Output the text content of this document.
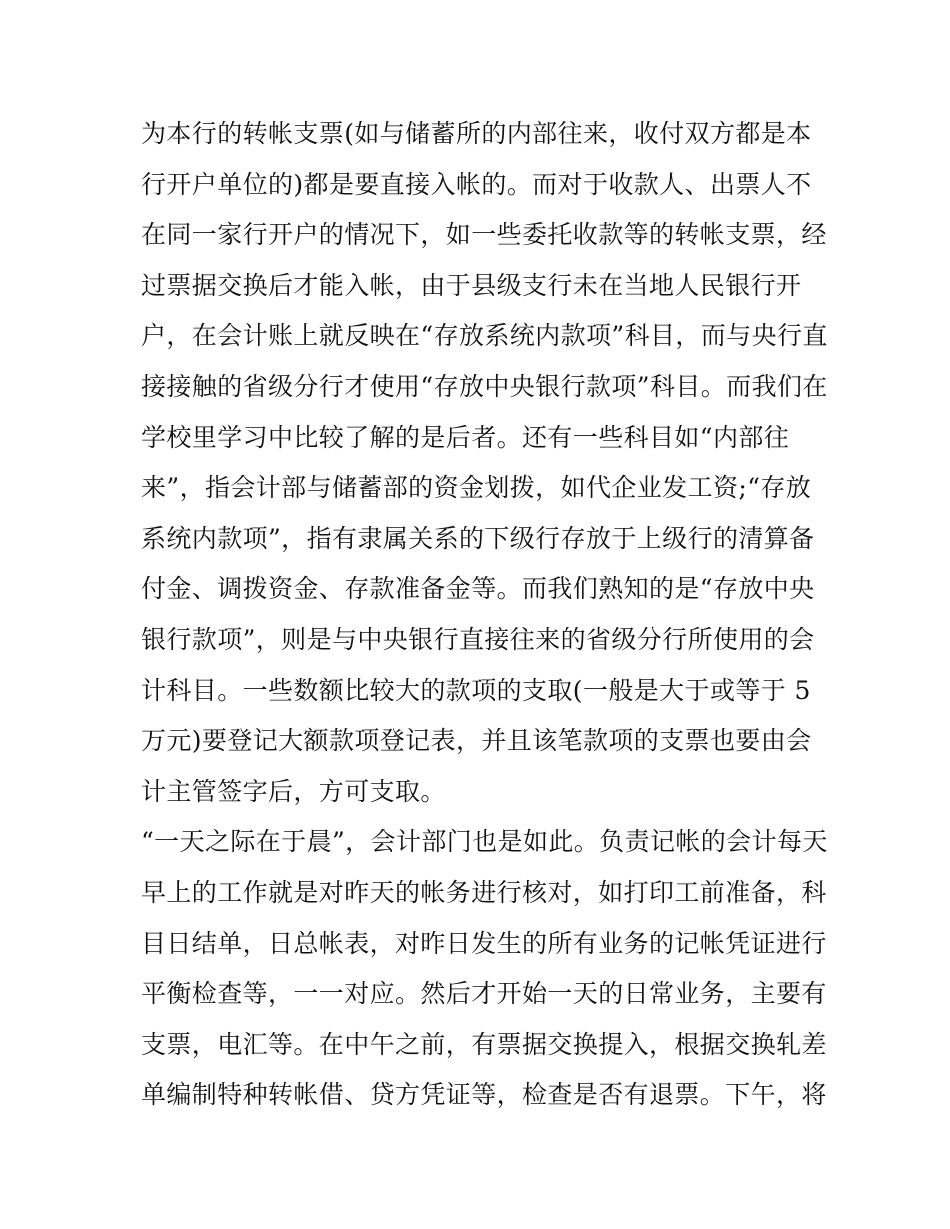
为本行的转帐支票(如与储蓄所的内部往来，收付双方都是本
行开户单位的)都是要直接入帐的。而对于收款人、出票人不
在同一家行开户的情况下，如一些委托收款等的转帐支票，经
过票据交换后才能入帐，由于县级支行未在当地人民银行开
户，在会计账上就反映在“存放系统内款项”科目，而与央行直
接接触的省级分行才使用“存放中央银行款项”科目。而我们在
学校里学习中比较了解的是后者。还有一些科目如“内部往
来”，指会计部与储蓄部的资金划拨，如代企业发工资;“存放
系统内款项”，指有隶属关系的下级行存放于上级行的清算备
付金、调拨资金、存款准备金等。而我们熟知的是“存放中央
银行款项”，则是与中央银行直接往来的省级分行所使用的会
计科目。一些数额比较大的款项的支取(一般是大于或等于 5
万元)要登记大额款项登记表，并且该笔款项的支票也要由会
计主管签字后，方可支取。
“一天之际在于晨”，会计部门也是如此。负责记帐的会计每天
早上的工作就是对昨天的帐务进行核对，如打印工前准备，科
目日结单，日总帐表，对昨日发生的所有业务的记帐凭证进行
平衡检查等，一一对应。然后才开始一天的日常业务，主要有
支票，电汇等。在中午之前，有票据交换提入，根据交换轧差
单编制特种转帐借、贷方凭证等，检查是否有退票。下午，将
